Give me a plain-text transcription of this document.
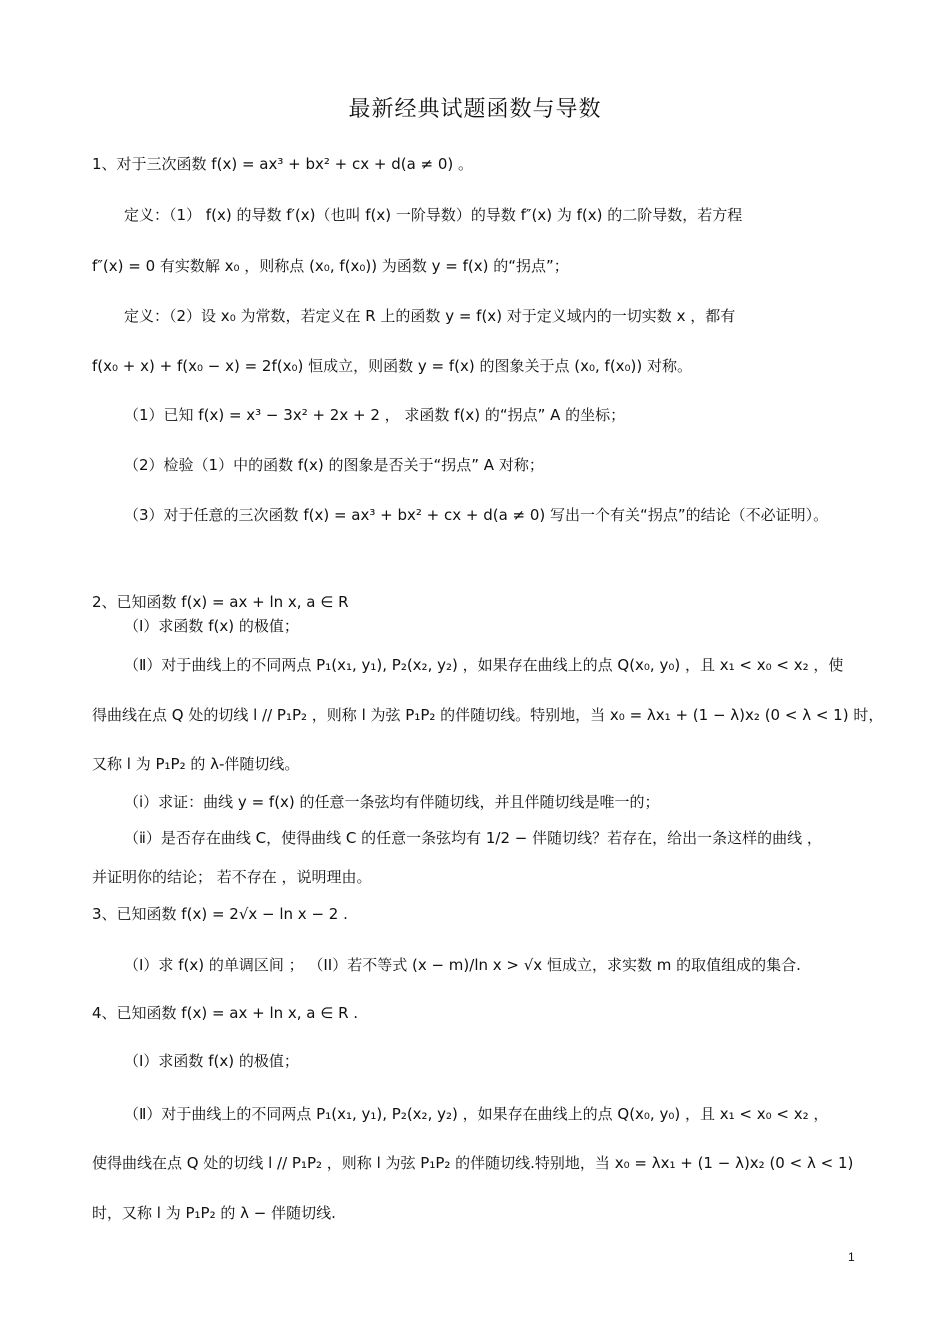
最新经典试题函数与导数
1、对于三次函数 f(x) = ax³ + bx² + cx + d(a ≠ 0) 。
定义：（1） f(x) 的导数 f′(x)（也叫 f(x) 一阶导数）的导数 f″(x) 为 f(x) 的二阶导数，若方程
f″(x) = 0 有实数解 x₀ ，则称点 (x₀, f(x₀)) 为函数 y = f(x) 的“拐点”；
定义：（2）设 x₀ 为常数，若定义在 R 上的函数 y = f(x) 对于定义域内的一切实数 x ，都有
f(x₀ + x) + f(x₀ − x) = 2f(x₀) 恒成立，则函数 y = f(x) 的图象关于点 (x₀, f(x₀)) 对称。
（1）已知 f(x) = x³ − 3x² + 2x + 2 ， 求函数 f(x) 的“拐点” A 的坐标；
（2）检验（1）中的函数 f(x) 的图象是否关于“拐点” A 对称；
（3）对于任意的三次函数 f(x) = ax³ + bx² + cx + d(a ≠ 0) 写出一个有关“拐点”的结论（不必证明）。
2、已知函数 f(x) = ax + ln x, a ∈ R
（Ⅰ）求函数 f(x) 的极值；
（Ⅱ）对于曲线上的不同两点 P₁(x₁, y₁), P₂(x₂, y₂) ，如果存在曲线上的点 Q(x₀, y₀) ，且 x₁ < x₀ < x₂ ，使
得曲线在点 Q 处的切线 l // P₁P₂ ，则称 l 为弦 P₁P₂ 的伴随切线。特别地，当 x₀ = λx₁ + (1 − λ)x₂ (0 < λ < 1) 时，
又称 l 为 P₁P₂ 的 λ-伴随切线。
（ⅰ）求证：曲线 y = f(x) 的任意一条弦均有伴随切线，并且伴随切线是唯一的；
（ⅱ）是否存在曲线 C，使得曲线 C 的任意一条弦均有 1/2 − 伴随切线？若存在，给出一条这样的曲线 ，
并证明你的结论； 若不存在 ，说明理由。
3、已知函数 f(x) = 2√x − ln x − 2 .
（I）求 f(x) 的单调区间 ； （II）若不等式 (x − m)/ln x > √x 恒成立，求实数 m 的取值组成的集合.
4、已知函数 f(x) = ax + ln x, a ∈ R .
（Ⅰ）求函数 f(x) 的极值；
（Ⅱ）对于曲线上的不同两点 P₁(x₁, y₁), P₂(x₂, y₂) ，如果存在曲线上的点 Q(x₀, y₀) ，且 x₁ < x₀ < x₂ ，
使得曲线在点 Q 处的切线 l // P₁P₂ ，则称 l 为弦 P₁P₂ 的伴随切线.特别地，当 x₀ = λx₁ + (1 − λ)x₂ (0 < λ < 1)
时，又称 l 为 P₁P₂ 的 λ − 伴随切线.
1
